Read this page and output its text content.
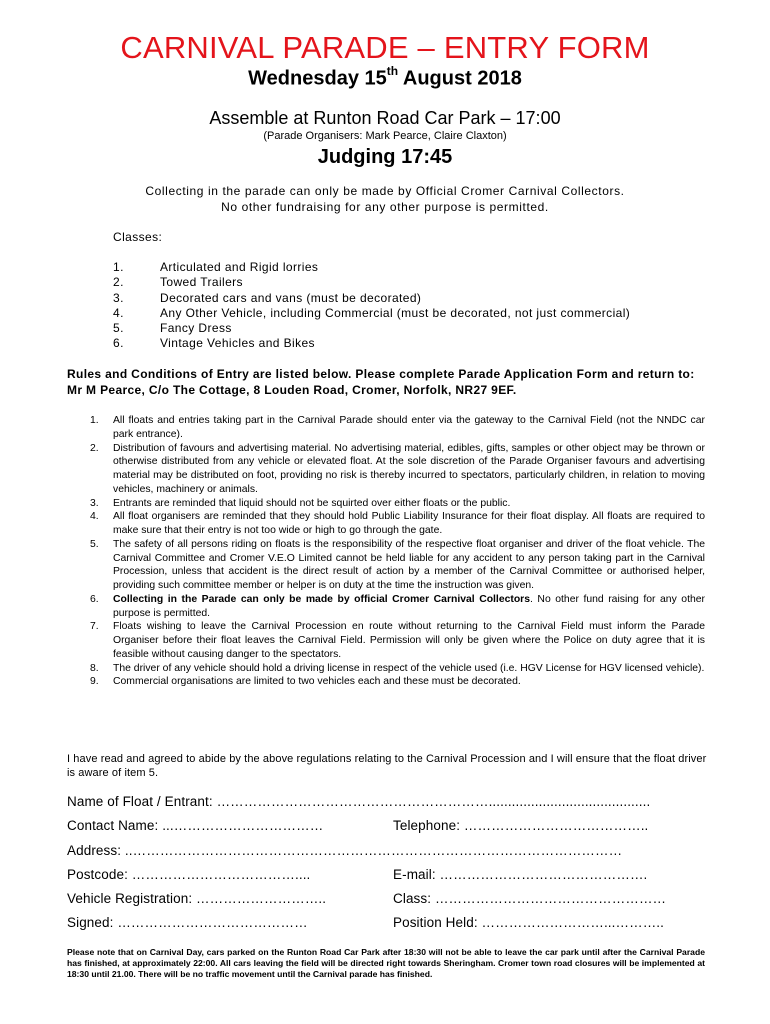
CARNIVAL PARADE – ENTRY FORM
Wednesday 15th August 2018
Assemble at Runton Road Car Park – 17:00
(Parade Organisers: Mark Pearce, Claire Claxton)
Judging 17:45
Collecting in the parade can only be made by Official Cromer Carnival Collectors.
No other fundraising for any other purpose is permitted.
Classes:
1.	Articulated and Rigid lorries
2.	Towed Trailers
3.	Decorated cars and vans (must be decorated)
4.	Any Other Vehicle, including Commercial (must be decorated, not just commercial)
5.	Fancy Dress
6.	Vintage Vehicles and Bikes
Rules and Conditions of Entry are listed below. Please complete Parade Application Form and return to: Mr M Pearce, C/o The Cottage, 8 Louden Road, Cromer, Norfolk, NR27 9EF.
1. All floats and entries taking part in the Carnival Parade should enter via the gateway to the Carnival Field (not the NNDC car park entrance).
2. Distribution of favours and advertising material. No advertising material, edibles, gifts, samples or other object may be thrown or otherwise distributed from any vehicle or elevated float. At the sole discretion of the Parade Organiser favours and advertising material may be distributed on foot, providing no risk is thereby incurred to spectators, particularly children, in relation to moving vehicles, machinery or animals.
3. Entrants are reminded that liquid should not be squirted over either floats or the public.
4. All float organisers are reminded that they should hold Public Liability Insurance for their float display. All floats are required to make sure that their entry is not too wide or high to go through the gate.
5. The safety of all persons riding on floats is the responsibility of the respective float organiser and driver of the float vehicle. The Carnival Committee and Cromer V.E.O Limited cannot be held liable for any accident to any person taking part in the Carnival Procession, unless that accident is the direct result of action by a member of the Carnival Committee or authorised helper, providing such committee member or helper is on duty at the time the instruction was given.
6. Collecting in the Parade can only be made by official Cromer Carnival Collectors. No other fund raising for any other purpose is permitted.
7. Floats wishing to leave the Carnival Procession en route without returning to the Carnival Field must inform the Parade Organiser before their float leaves the Carnival Field. Permission will only be given where the Police on duty agree that it is feasible without causing danger to the spectators.
8. The driver of any vehicle should hold a driving license in respect of the vehicle used (i.e. HGV License for HGV licensed vehicle).
9. Commercial organisations are limited to two vehicles each and these must be decorated.
I have read and agreed to abide by the above regulations relating to the Carnival Procession and I will ensure that the float driver is aware of item 5.
Name of Float / Entrant: ……………………………………………………..........................................
Contact Name: ...……………………………	Telephone: …………………………………..
Address: ..………………………………………………………………………………………………
Postcode: ………………………………....	E-mail: ……………………………………….
Vehicle Registration: ………………………..	Class: ……………………………………………
Signed: ……………………………………	Position Held: ………………………...………..
Please note that on Carnival Day, cars parked on the Runton Road Car Park after 18:30 will not be able to leave the car park until after the Carnival Parade has finished, at approximately 22:00. All cars leaving the field will be directed right towards Sheringham. Cromer town road closures will be implemented at 18:30 until 21.00. There will be no traffic movement until the Carnival parade has finished.
